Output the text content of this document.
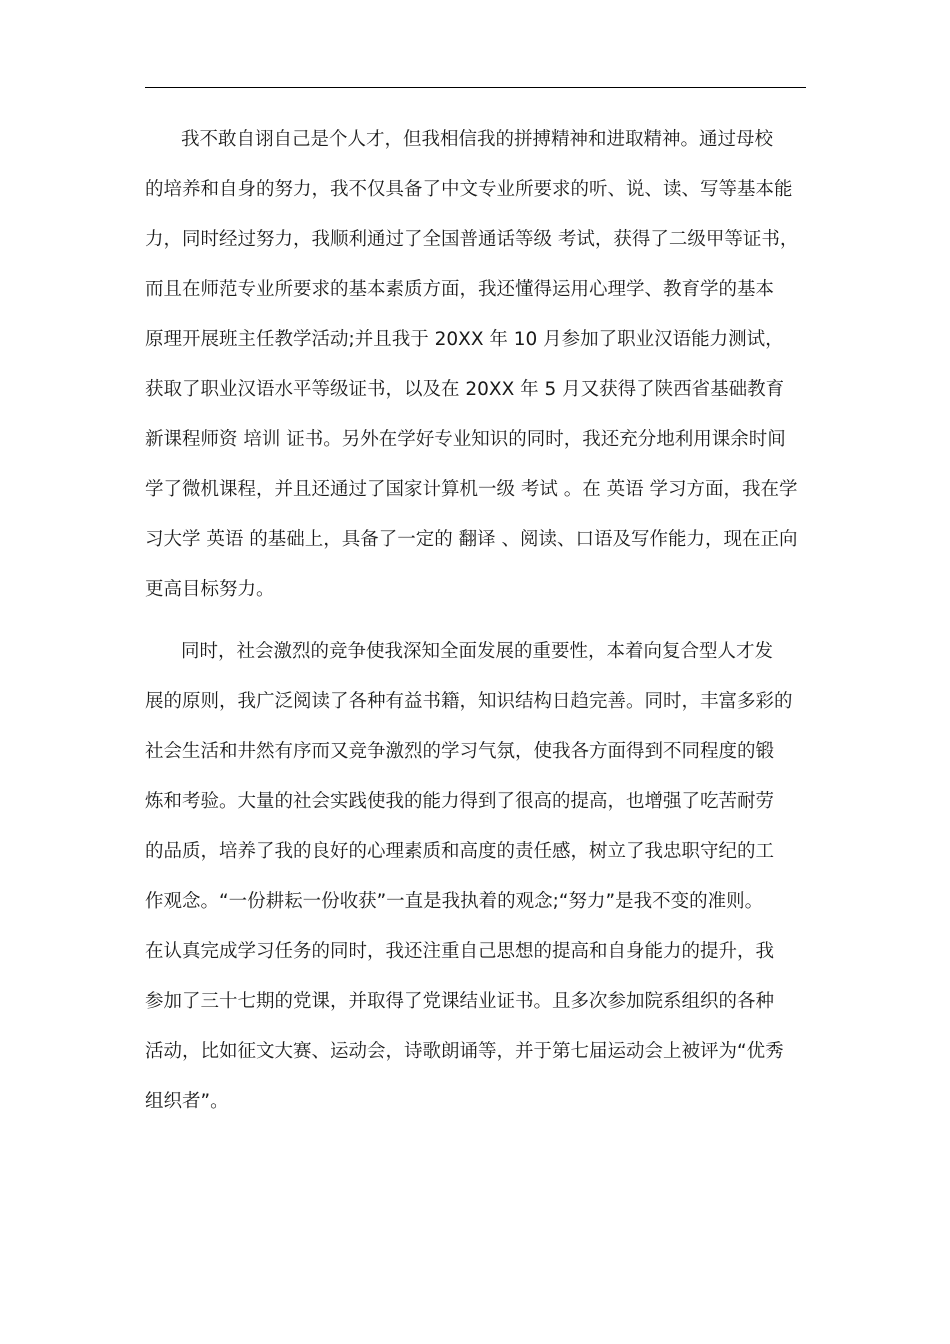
我不敢自诩自己是个人才，但我相信我的拼搏精神和进取精神。通过母校
的培养和自身的努力，我不仅具备了中文专业所要求的听、说、读、写等基本能
力，同时经过努力，我顺利通过了全国普通话等级 考试，获得了二级甲等证书，
而且在师范专业所要求的基本素质方面，我还懂得运用心理学、教育学的基本
原理开展班主任教学活动;并且我于 20XX 年 10 月参加了职业汉语能力测试，
获取了职业汉语水平等级证书，以及在 20XX 年 5 月又获得了陕西省基础教育
新课程师资 培训 证书。另外在学好专业知识的同时，我还充分地利用课余时间
学了微机课程，并且还通过了国家计算机一级 考试 。在 英语 学习方面，我在学
习大学 英语 的基础上，具备了一定的 翻译 、阅读、口语及写作能力，现在正向
更高目标努力。
同时，社会激烈的竞争使我深知全面发展的重要性，本着向复合型人才发
展的原则，我广泛阅读了各种有益书籍，知识结构日趋完善。同时，丰富多彩的
社会生活和井然有序而又竞争激烈的学习气氛，使我各方面得到不同程度的锻
炼和考验。大量的社会实践使我的能力得到了很高的提高，也增强了吃苦耐劳
的品质，培养了我的良好的心理素质和高度的责任感，树立了我忠职守纪的工
作观念。“一份耕耘一份收获”一直是我执着的观念;“努力”是我不变的准则。
在认真完成学习任务的同时，我还注重自己思想的提高和自身能力的提升，我
参加了三十七期的党课，并取得了党课结业证书。且多次参加院系组织的各种
活动，比如征文大赛、运动会，诗歌朗诵等，并于第七届运动会上被评为“优秀
组织者”。
